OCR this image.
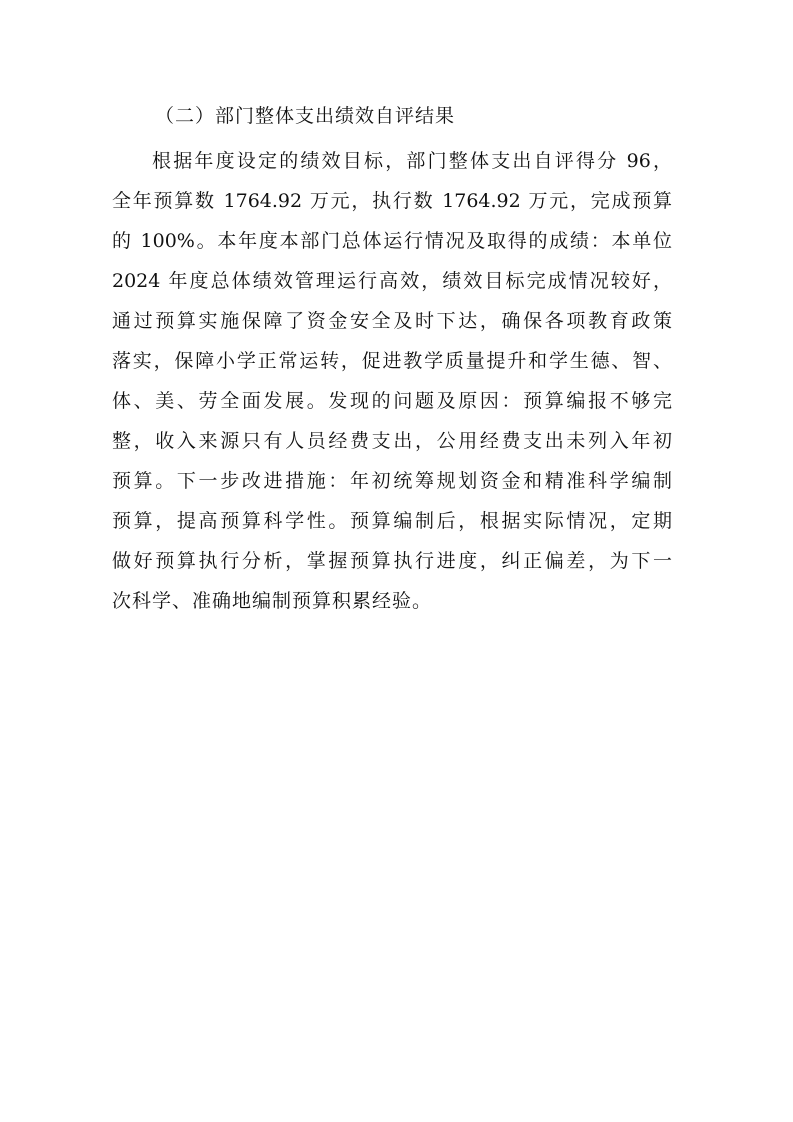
（二）部门整体支出绩效自评结果
根据年度设定的绩效目标，部门整体支出自评得分 96，
全年预算数 1764.92 万元，执行数 1764.92 万元，完成预算
的 100%。本年度本部门总体运行情况及取得的成绩：本单位
2024 年度总体绩效管理运行高效，绩效目标完成情况较好，
通过预算实施保障了资金安全及时下达，确保各项教育政策
落实，保障小学正常运转，促进教学质量提升和学生德、智、
体、美、劳全面发展。发现的问题及原因：预算编报不够完
整，收入来源只有人员经费支出，公用经费支出未列入年初
预算。下一步改进措施：年初统筹规划资金和精准科学编制
预算，提高预算科学性。预算编制后，根据实际情况，定期
做好预算执行分析，掌握预算执行进度，纠正偏差，为下一
次科学、准确地编制预算积累经验。
